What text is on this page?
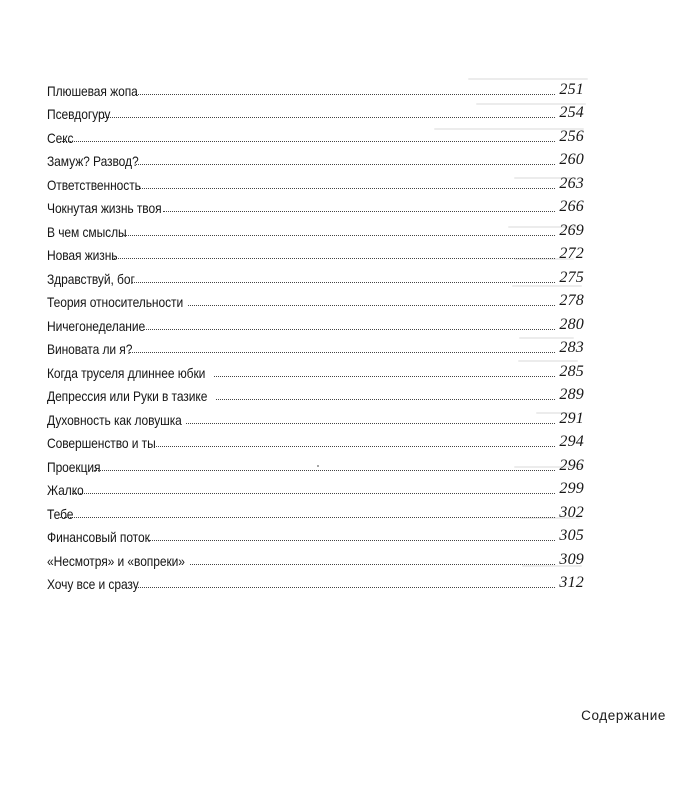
Плюшевая жопа	251
Псевдогуру	254
Секс	256
Замуж? Развод?	260
Ответственность	263
Чокнутая жизнь твоя	266
В чем смыслы	269
Новая жизнь	272
Здравствуй, бог	275
Теория относительности	278
Ничегонеделание	280
Виновата ли я?	283
Когда труселя длиннее юбки	285
Депрессия или Руки в тазике	289
Духовность как ловушка	291
Совершенство и ты	294
Проекция	296
Жалко	299
Тебе	302
Финансовый поток	305
«Несмотря» и «вопреки»	309
Хочу все и сразу	312
Содержание
